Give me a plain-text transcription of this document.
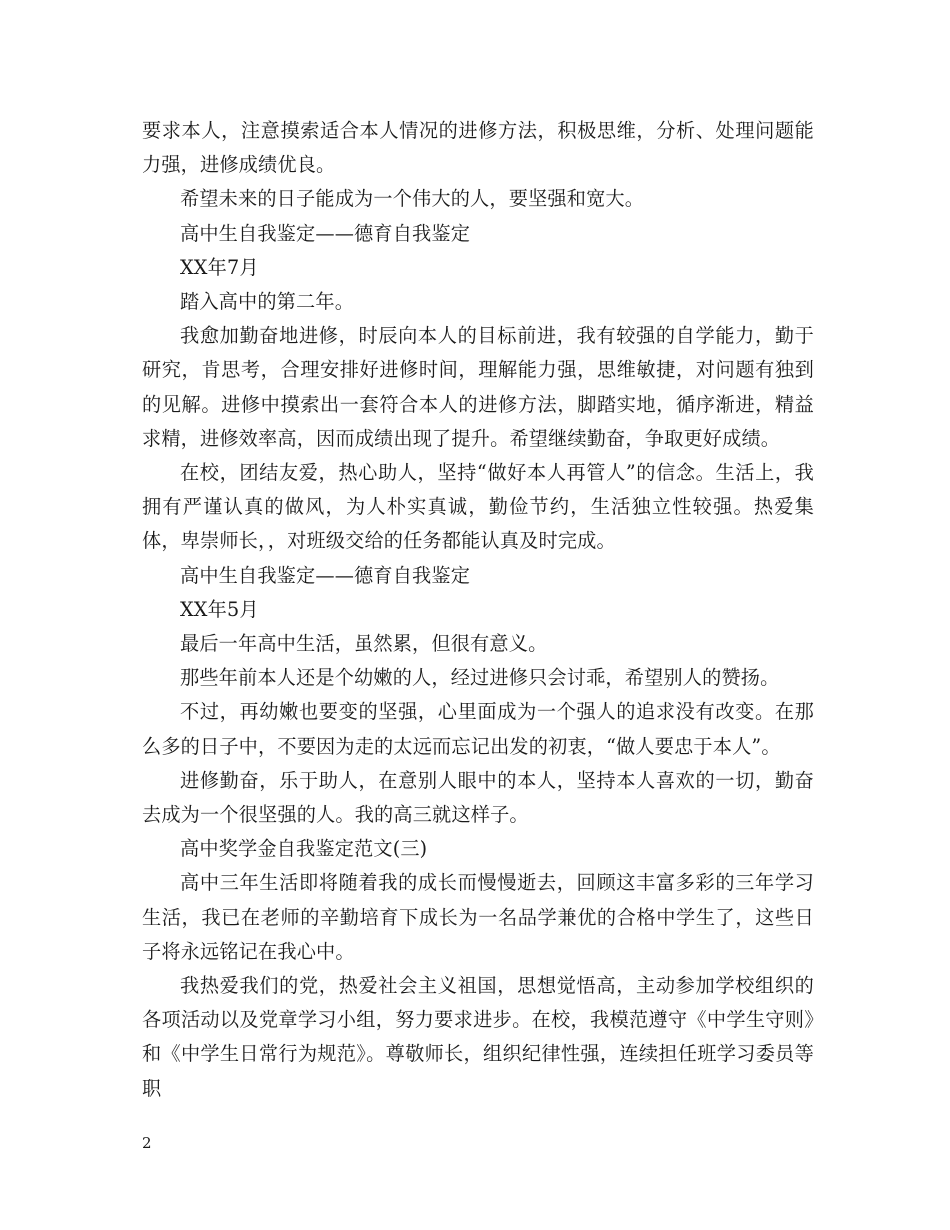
要求本人，注意摸索适合本人情况的进修方法，积极思维，分析、处理问题能力强，进修成绩优良。

希望未来的日子能成为一个伟大的人，要坚强和宽大。

高中生自我鉴定——德育自我鉴定

XX年7月

踏入高中的第二年。

我愈加勤奋地进修，时辰向本人的目标前进，我有较强的自学能力，勤于研究，肯思考，合理安排好进修时间，理解能力强，思维敏捷，对问题有独到的见解。进修中摸索出一套符合本人的进修方法，脚踏实地，循序渐进，精益求精，进修效率高，因而成绩出现了提升。希望继续勤奋，争取更好成绩。

在校，团结友爱，热心助人，坚持“做好本人再管人”的信念。生活上，我拥有严谨认真的做风，为人朴实真诚，勤俭节约，生活独立性较强。热爱集体，卑崇师长，，对班级交给的任务都能认真及时完成。

高中生自我鉴定——德育自我鉴定

XX年5月

最后一年高中生活，虽然累，但很有意义。

那些年前本人还是个幼嫩的人，经过进修只会讨乖，希望别人的赞扬。

不过，再幼嫩也要变的坚强，心里面成为一个强人的追求没有改变。在那么多的日子中，不要因为走的太远而忘记出发的初衷，“做人要忠于本人”。

进修勤奋，乐于助人，在意别人眼中的本人，坚持本人喜欢的一切，勤奋去成为一个很坚强的人。我的高三就这样子。

高中奖学金自我鉴定范文(三)

高中三年生活即将随着我的成长而慢慢逝去，回顾这丰富多彩的三年学习生活，我已在老师的辛勤培育下成长为一名品学兼优的合格中学生了，这些日子将永远铭记在我心中。

我热爱我们的党，热爱社会主义祖国，思想觉悟高，主动参加学校组织的各项活动以及党章学习小组，努力要求进步。在校，我模范遵守《中学生守则》和《中学生日常行为规范》。尊敬师长，组织纪律性强，连续担任班学习委员等职

2
